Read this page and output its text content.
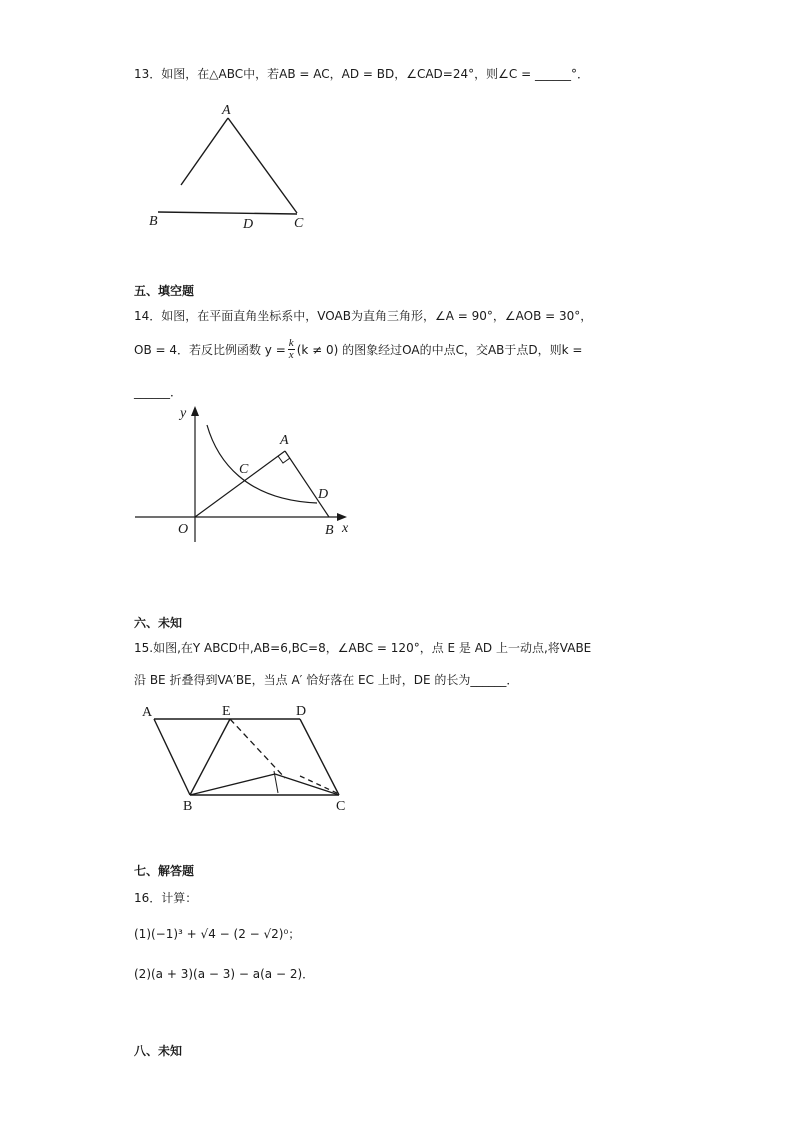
13．如图，在△ABC中，若AB = AC，AD = BD，∠CAD=24°，则∠C = ______°．
A
B	D	C
五、填空题
14．如图，在平面直角坐标系中，VOAB为直角三角形，∠A = 90°，∠AOB = 30°，
OB = 4．若反比例函数 $y = \frac{k}{x} (k \ne 0)$ 的图象经过OA的中点C，交AB于点D，则k =
______．
y
x
O
A
B
C
D
六、未知
15.如图,在Y ABCD中,AB=6,BC=8，∠ABC = 120°，点 E 是 AD 上一动点,将VABE
沿 BE 折叠得到VA′BE，当点 A′ 恰好落在 EC 上时，DE 的长为______．
A	E	D
B	C
七、解答题
16．计算：
(1)(−1)³ + √4 − (2 − √2)⁰；
(2)(a + 3)(a − 3) − a(a − 2)．
八、未知
